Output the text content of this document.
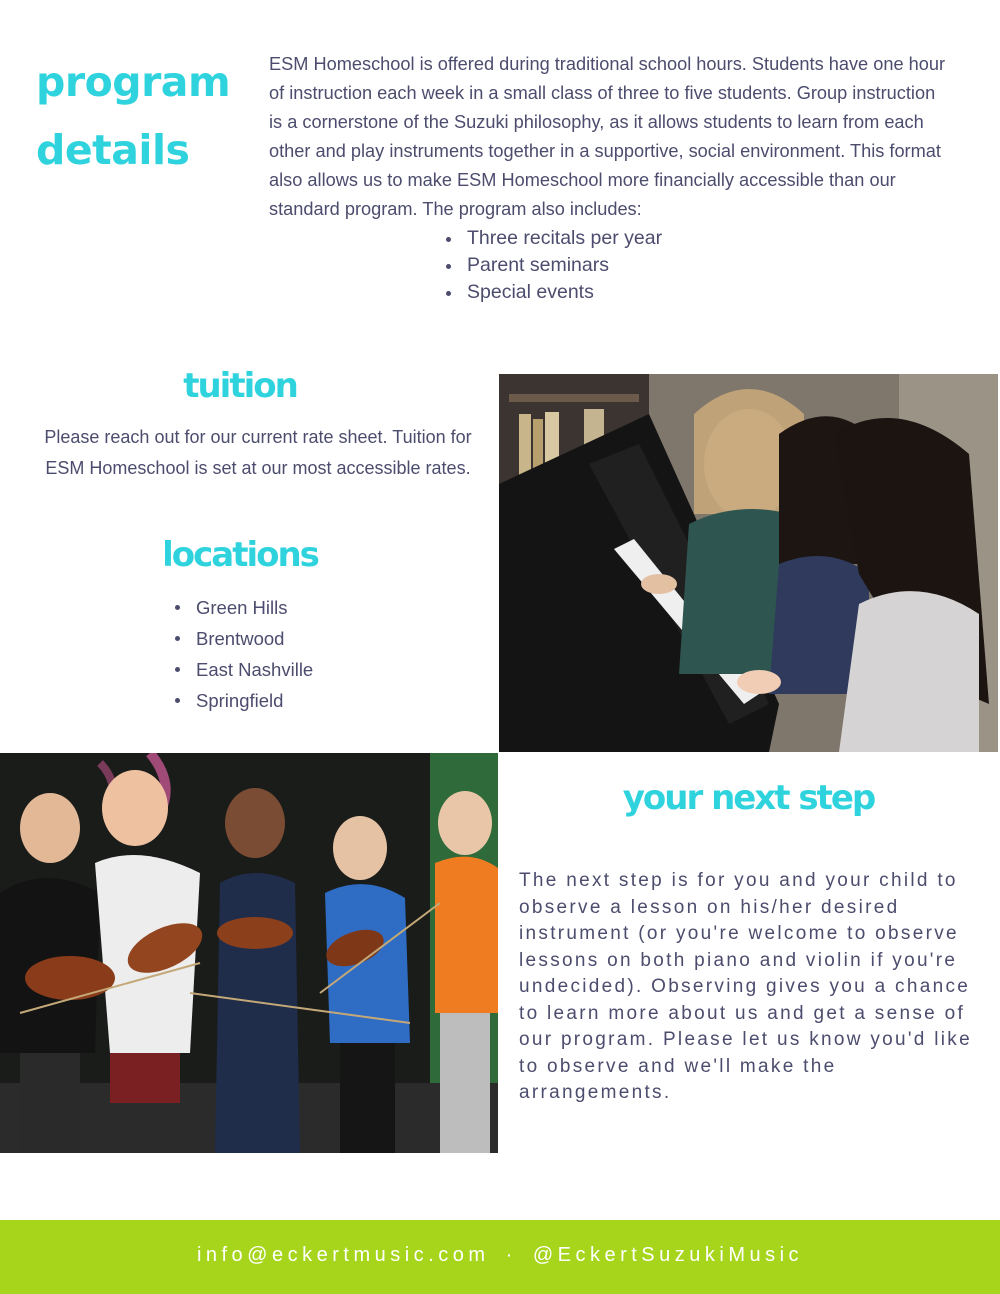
program
details
ESM Homeschool is offered during traditional school hours. Students have one hour of instruction each week in a small class of three to five students. Group instruction is a cornerstone of the Suzuki philosophy, as it allows students to learn from each other and play instruments together in a supportive, social environment. This format also allows us to make ESM Homeschool more financially accessible than our standard program. The program also includes:
Three recitals per year
Parent seminars
Special events
tuition
Please reach out for our current rate sheet. Tuition for ESM Homeschool is set at our most accessible rates.
locations
Green Hills
Brentwood
East Nashville
Springfield
your next step
The next step is for you and your child to observe a lesson on his/her desired instrument (or you're welcome to observe lessons on both piano and violin if you're undecided). Observing gives you a chance to learn more about us and get a sense of our program. Please let us know you'd like to observe and we'll make the arrangements.
info@eckertmusic.com · @EckertSuzukiMusic
